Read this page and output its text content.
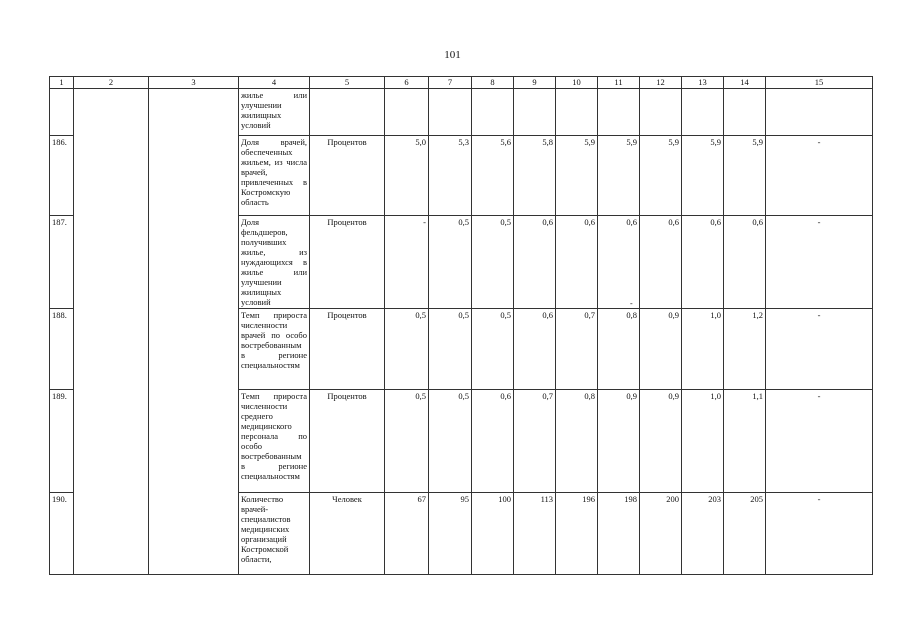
101
1	2	3	4	5	6	7	8	9	10	11	12	13	14	15
			жилье или улучшении жилищных условий											
186.			Доля врачей, обеспеченных жильем, из числа врачей, привлеченных в Костромскую область	Процентов	5,0	5,3	5,6	5,8	5,9	5,9	5,9	5,9	5,9	-
187.			Доля фельдшеров, получивших жилье, из нуждающихся в жилье или улучшении жилищных условий	Процентов	-	0,5	0,5	0,6	0,6	0,6	0,6	0,6	0,6	-
188.			Темп прироста численности врачей по особо востребованным в регионе специальностям	Процентов	0,5	0,5	0,5	0,6	0,7	0,8	0,9	1,0	1,2	-
189.			Темп прироста численности среднего медицинского персонала по особо востребованным в регионе специальностям	Процентов	0,5	0,5	0,6	0,7	0,8	0,9	0,9	1,0	1,1	-
190.			Количество врачей-специалистов медицинских организаций Костромской области,	Человек	67	95	100	113	196	198	200	203	205	-
-
